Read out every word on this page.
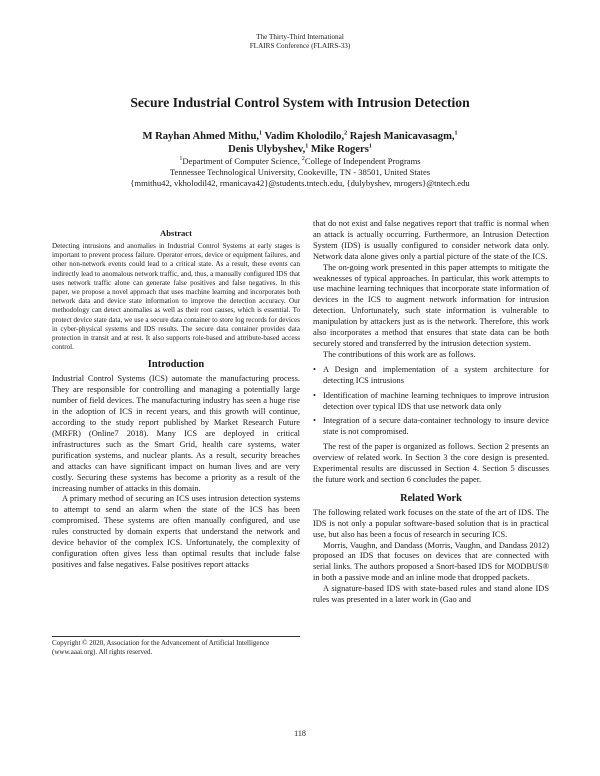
The Thirty-Third International
FLAIRS Conference (FLAIRS-33)
Secure Industrial Control System with Intrusion Detection
M Rayhan Ahmed Mithu,$^1$ Vadim Kholodilo,$^2$ Rajesh Manicavasagm,$^1$
Denis Ulybyshev,$^1$ Mike Rogers$^1$
$^1$Department of Computer Science, $^2$College of Independent Programs
Tennessee Technological University, Cookeville, TN - 38501, United States
{mmithu42, vkholodil42, rmanicava42}@students.tntech.edu, {dulybyshev, mrogers}@tntech.edu
Abstract

Detecting intrusions and anomalies in Industrial Control Systems at early stages is important to prevent process failure. Operator errors, device or equipment failures, and other non-network events could lead to a critical state. As a result, these events can indirectly lead to anomalous network traffic, and, thus, a manually configured IDS that uses network traffic alone can generate false positives and false negatives. In this paper, we propose a novel approach that uses machine learning and incorporates both network data and device state information to improve the detection accuracy. Our methodology can detect anomalies as well as their root causes, which is essential. To protect device state data, we use a secure data container to store log records for devices in cyber-physical systems and IDS results. The secure data container provides data protection in transit and at rest. It also supports role-based and attribute-based access control.

Introduction

Industrial Control Systems (ICS) automate the manufacturing process. They are responsible for controlling and managing a potentially large number of field devices. The manufacturing industry has seen a huge rise in the adoption of ICS in recent years, and this growth will continue, according to the study report published by Market Research Future (MRFR) (Online7 2018). Many ICS are deployed in critical infrastructures such as the Smart Grid, health care systems, water purification systems, and nuclear plants. As a result, security breaches and attacks can have significant impact on human lives and are very costly. Securing these systems has become a priority as a result of the increasing number of attacks in this domain.

A primary method of securing an ICS uses intrusion detection systems to attempt to send an alarm when the state of the ICS has been compromised. These systems are often manually configured, and use rules constructed by domain experts that understand the network and device behavior of the complex ICS. Unfortunately, the complexity of configuration often gives less than optimal results that include false positives and false negatives. False positives report attacks

Copyright © 2020, Association for the Advancement of Artificial Intelligence (www.aaai.org). All rights reserved.

that do not exist and false negatives report that traffic is normal when an attack is actually occurring. Furthermore, an Intrusion Detection System (IDS) is usually configured to consider network data only. Network data alone gives only a partial picture of the state of the ICS.

The on-going work presented in this paper attempts to mitigate the weaknesses of typical approaches. In particular, this work attempts to use machine learning techniques that incorporate state information of devices in the ICS to augment network information for intrusion detection. Unfortunately, such state information is vulnerable to manipulation by attackers just as is the network. Therefore, this work also incorporates a method that ensures that state data can be both securely stored and transferred by the intrusion detection system.

The contributions of this work are as follows.

• A Design and implementation of a system architecture for detecting ICS intrusions
• Identification of machine learning techniques to improve intrusion detection over typical IDS that use network data only
• Integration of a secure data-container technology to insure device state is not compromised.

The rest of the paper is organized as follows. Section 2 presents an overview of related work. In Section 3 the core design is presented. Experimental results are discussed in Section 4. Section 5 discusses the future work and section 6 concludes the paper.

Related Work

The following related work focuses on the state of the art of IDS. The IDS is not only a popular software-based solution that is in practical use, but also has been a focus of research in securing ICS.

Morris, Vaughn, and Dandass (Morris, Vaughn, and Dandass 2012) proposed an IDS that focuses on devices that are connected with serial links. The authors proposed a Snort-based IDS for MODBUS® in both a passive mode and an inline mode that dropped packets.

A signature-based IDS with state-based rules and stand alone IDS rules was presented in a later work in (Gao and

118
